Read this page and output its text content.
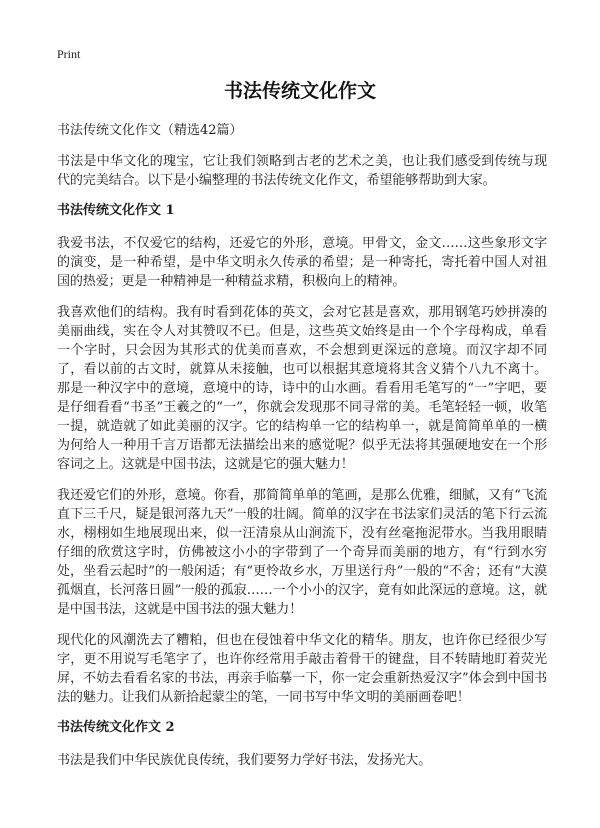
Print
书法传统文化作文
书法传统文化作文（精选42篇）

书法是中华文化的瑰宝，它让我们领略到古老的艺术之美，也让我们感受到传统与现代的完美结合。以下是小编整理的书法传统文化作文，希望能够帮助到大家。

书法传统文化作文 1

我爱书法，不仅爱它的结构，还爱它的外形，意境。甲骨文，金文……这些象形文字的演变，是一种希望，是中华文明永久传承的希望；是一种寄托，寄托着中国人对祖国的热爱；更是一种精神是一种精益求精，积极向上的精神。

我喜欢他们的结构。我有时看到花体的英文，会对它甚是喜欢，那用钢笔巧妙拼凑的美丽曲线，实在令人对其赞叹不已。但是，这些英文始终是由一个个字母构成，单看一个字时，只会因为其形式的优美而喜欢，不会想到更深远的意境。而汉字却不同了，看以前的古文时，就算从未接触，也可以根据其意境将其含义猜个八九不离十。那是一种汉字中的意境，意境中的诗，诗中的山水画。看看用毛笔写的“一”字吧，要是仔细看看“书圣”王羲之的“一”，你就会发现那不同寻常的美。毛笔轻轻一顿，收笔一提，就造就了如此美丽的汉字。它的结构单一它的结构单一，就是简简单单的一横为何给人一种用千言万语都无法描绘出来的感觉呢？似乎无法将其强硬地安在一个形容词之上。这就是中国书法，这就是它的强大魅力！

我还爱它们的外形，意境。你看，那简简单单的笔画，是那么优雅，细腻，又有“飞流直下三千尺，疑是银河落九天”一般的壮阔。简单的汉字在书法家们灵活的笔下行云流水，栩栩如生地展现出来，似一汪清泉从山涧流下，没有丝毫拖泥带水。当我用眼睛仔细的欣赏这字时，仿佛被这小小的字带到了一个奇异而美丽的地方，有“行到水穷处，坐看云起时”的一般闲适；有“更怜故乡水，万里送行舟”一般的“不舍；还有“大漠孤烟直，长河落日圆”一般的孤寂……一个小小的汉字，竟有如此深远的意境。这，就是中国书法，这就是中国书法的强大魅力！

现代化的风潮洗去了糟粕，但也在侵蚀着中华文化的精华。朋友，也许你已经很少写字，更不用说写毛笔字了，也许你经常用手敲击着骨干的键盘，目不转睛地盯着荧光屏，不妨去看看名家的书法，再亲手临摹一下，你一定会重新热爱汉字”体会到中国书法的魅力。让我们从新拾起蒙尘的笔，一同书写中华文明的美丽画卷吧！

书法传统文化作文 2

书法是我们中华民族优良传统，我们要努力学好书法，发扬光大。
